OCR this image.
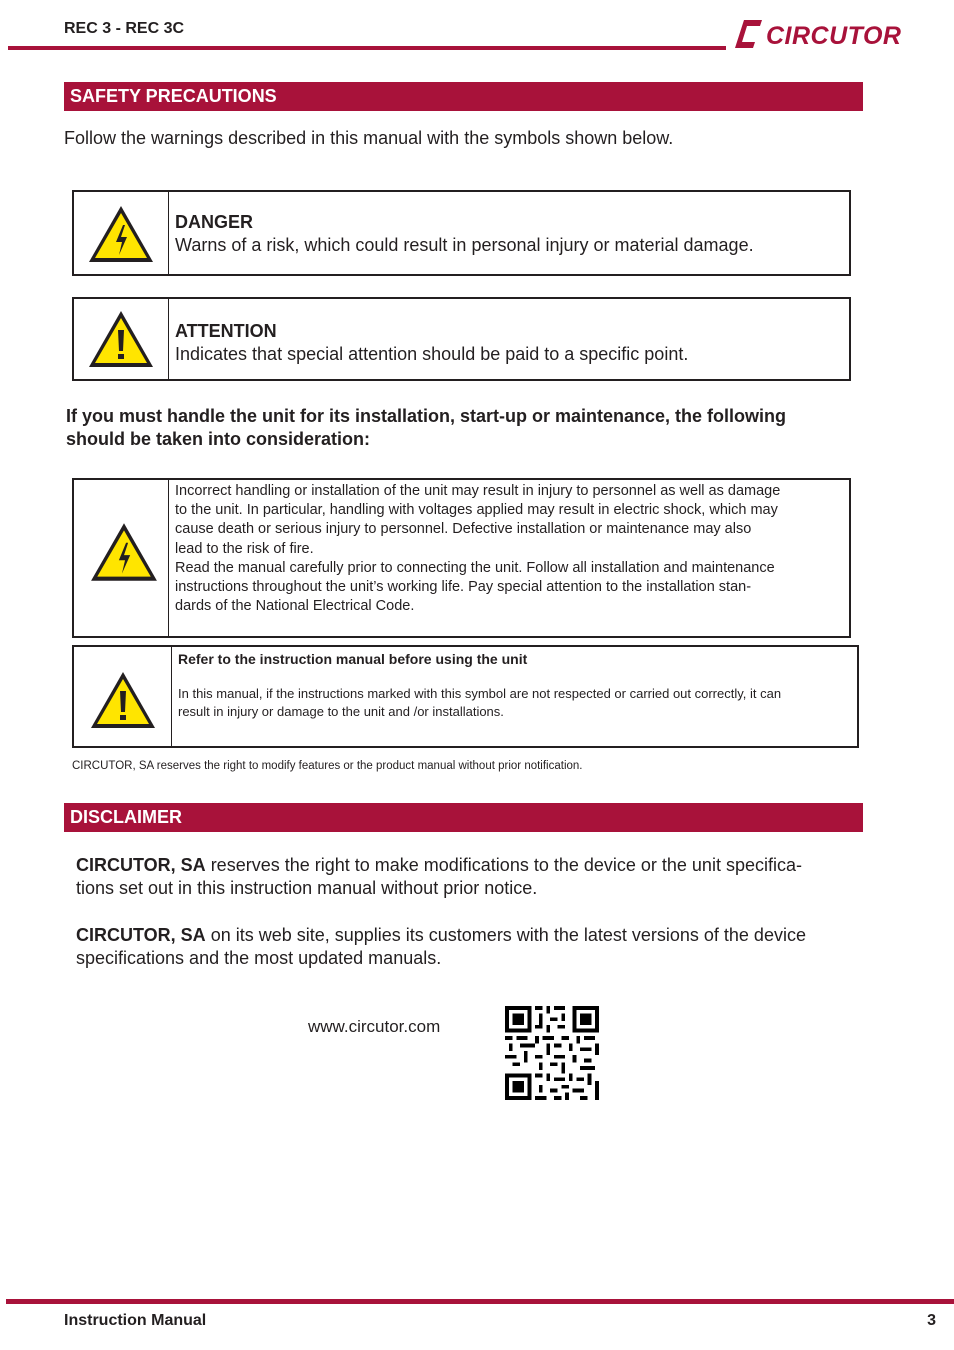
REC 3 - REC 3C	CIRCUTOR
SAFETY PRECAUTIONS
Follow the warnings described in this manual with the symbols shown below.
DANGER
Warns of a risk, which could result in personal injury or material damage.
ATTENTION
Indicates that special attention should be paid to a specific point.
If you must handle the unit for its installation, start-up or maintenance, the following
should be taken into consideration:
Incorrect handling or installation of the unit may result in injury to personnel as well as damage
to the unit. In particular, handling with voltages applied may result in electric shock, which may
cause death or serious injury to personnel. Defective installation or maintenance may also
lead to the risk of fire.
Read the manual carefully prior to connecting the unit. Follow all installation and maintenance
instructions throughout the unit’s working life. Pay special attention to the installation stan-
dards of the National Electrical Code.
Refer to the instruction manual before using the unit
In this manual, if the instructions marked with this symbol are not respected or carried out correctly, it can
result in injury or damage to the unit and /or installations.
CIRCUTOR, SA reserves the right to modify features or the product manual without prior notification.
DISCLAIMER
CIRCUTOR, SA reserves the right to make modifications to the device or the unit specifica-
tions set out in this instruction manual without prior notice.
CIRCUTOR, SA on its web site, supplies its customers with the latest versions of the device
specifications and the most updated manuals.
www.circutor.com
Instruction Manual	3
